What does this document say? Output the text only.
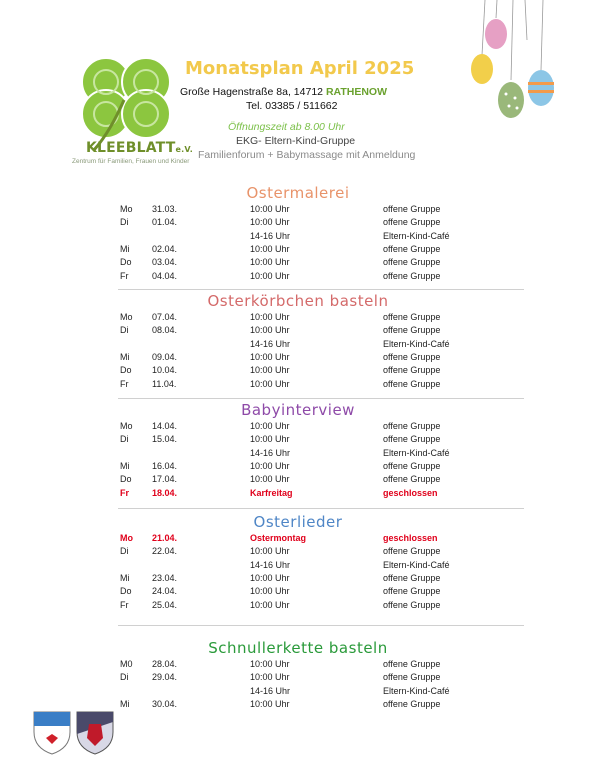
KLEEBLATTe.V.
Zentrum für Familien, Frauen und Kinder
Monatsplan April 2025
Große Hagenstraße 8a, 14712 RATHENOW
Tel. 03385 / 511662
Öffnungszeit ab 8.00 Uhr
EKG- Eltern-Kind-Gruppe
Familienforum + Babymassage mit Anmeldung
Ostermalerei
Mo 31.03.	10:00 Uhr	offene Gruppe
Di	01.04.	10:00 Uhr	offene Gruppe
14-16 Uhr	Eltern-Kind-Café
Mi	02.04.	10:00 Uhr	offene Gruppe
Do 03.04.	10:00 Uhr	offene Gruppe
Fr	04.04.	10:00 Uhr	offene Gruppe
Osterkörbchen basteln
Mo 07.04.	10:00 Uhr	offene Gruppe
Di	08.04.	10:00 Uhr	offene Gruppe
14-16 Uhr	Eltern-Kind-Café
Mi	09.04.	10:00 Uhr	offene Gruppe
Do 10.04.	10:00 Uhr	offene Gruppe
Fr	11.04.	10:00 Uhr	offene Gruppe
Babyinterview
Mo 14.04.	10:00 Uhr	offene Gruppe
Di	15.04.	10:00 Uhr	offene Gruppe
14-16 Uhr	Eltern-Kind-Café
Mi	16.04.	10:00 Uhr	offene Gruppe
Do 17.04.	10:00 Uhr	offene Gruppe
Fr	18.04.	Karfreitag	geschlossen
Osterlieder
Mo 21.04.	Ostermontag	geschlossen
Di	22.04.	10:00 Uhr	offene Gruppe
14-16 Uhr	Eltern-Kind-Café
Mi	23.04.	10:00 Uhr	offene Gruppe
Do 24.04.	10:00 Uhr	offene Gruppe
Fr	25.04.	10:00 Uhr	offene Gruppe
Schnullerkette basteln
M0 28.04.	10:00 Uhr	offene Gruppe
Di	29.04.	10:00 Uhr	offene Gruppe
14-16 Uhr	Eltern-Kind-Café
Mi	30.04.	10:00 Uhr	offene Gruppe
